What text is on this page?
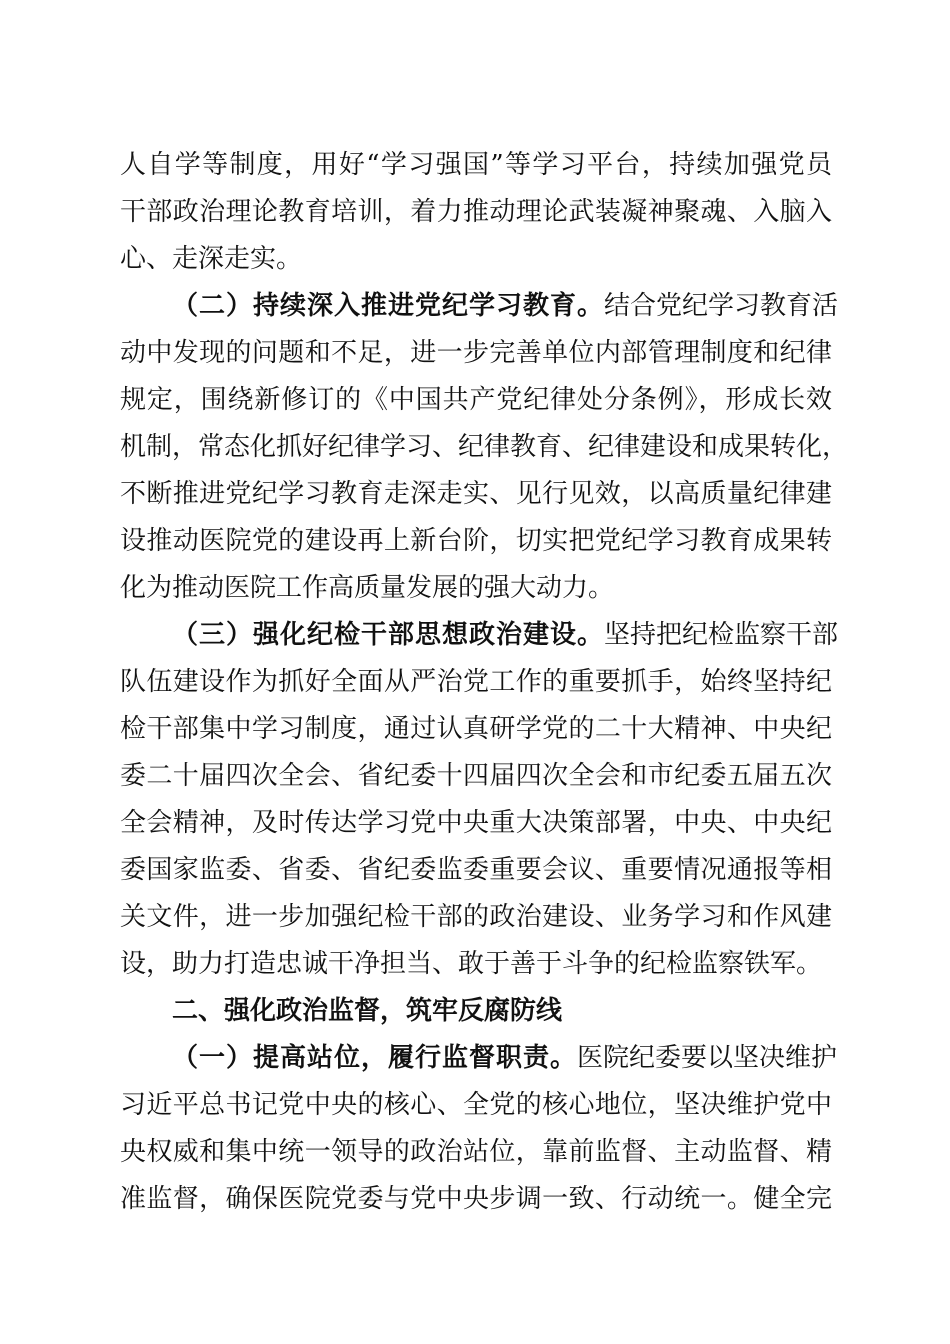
人自学等制度，用好“学习强国”等学习平台，持续加强党员
干部政治理论教育培训，着力推动理论武装凝神聚魂、入脑入
心、走深走实。
（二）持续深入推进党纪学习教育。结合党纪学习教育活
动中发现的问题和不足，进一步完善单位内部管理制度和纪律
规定，围绕新修订的《中国共产党纪律处分条例》，形成长效
机制，常态化抓好纪律学习、纪律教育、纪律建设和成果转化，
不断推进党纪学习教育走深走实、见行见效，以高质量纪律建
设推动医院党的建设再上新台阶，切实把党纪学习教育成果转
化为推动医院工作高质量发展的强大动力。
（三）强化纪检干部思想政治建设。坚持把纪检监察干部
队伍建设作为抓好全面从严治党工作的重要抓手，始终坚持纪
检干部集中学习制度，通过认真研学党的二十大精神、中央纪
委二十届四次全会、省纪委十四届四次全会和市纪委五届五次
全会精神，及时传达学习党中央重大决策部署，中央、中央纪
委国家监委、省委、省纪委监委重要会议、重要情况通报等相
关文件，进一步加强纪检干部的政治建设、业务学习和作风建
设，助力打造忠诚干净担当、敢于善于斗争的纪检监察铁军。
二、强化政治监督，筑牢反腐防线
（一）提高站位，履行监督职责。医院纪委要以坚决维护
习近平总书记党中央的核心、全党的核心地位，坚决维护党中
央权威和集中统一领导的政治站位，靠前监督、主动监督、精
准监督，确保医院党委与党中央步调一致、行动统一。健全完
